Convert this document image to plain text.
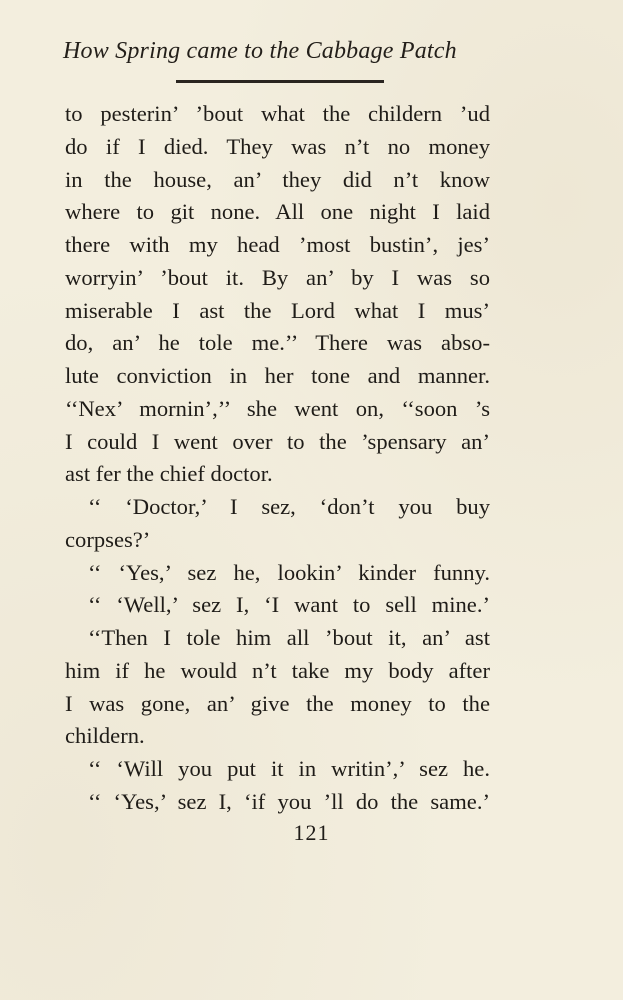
How Spring came to the Cabbage Patch
to pesterin’ ’bout what the childern ’ud
do if I died. They was n’t no money
in the house, an’ they did n’t know
where to git none. All one night I laid
there with my head ’most bustin’, jes’
worryin’ ’bout it. By an’ by I was so
miserable I ast the Lord what I mus’
do, an’ he tole me.’’ There was abso-
lute conviction in her tone and manner.
‘‘Nex’ mornin’,’’ she went on, ‘‘soon ’s
I could I went over to the ’spensary an’
ast fer the chief doctor.
‘‘ ‘Doctor,’ I sez, ‘don’t you buy
corpses?’
‘‘ ‘Yes,’ sez he, lookin’ kinder funny.
‘‘ ‘Well,’ sez I, ‘I want to sell mine.’
‘‘Then I tole him all ’bout it, an’ ast
him if he would n’t take my body after
I was gone, an’ give the money to the
childern.
‘‘ ‘Will you put it in writin’,’ sez he.
‘‘ ‘Yes,’ sez I, ‘if you ’ll do the same.’
121
